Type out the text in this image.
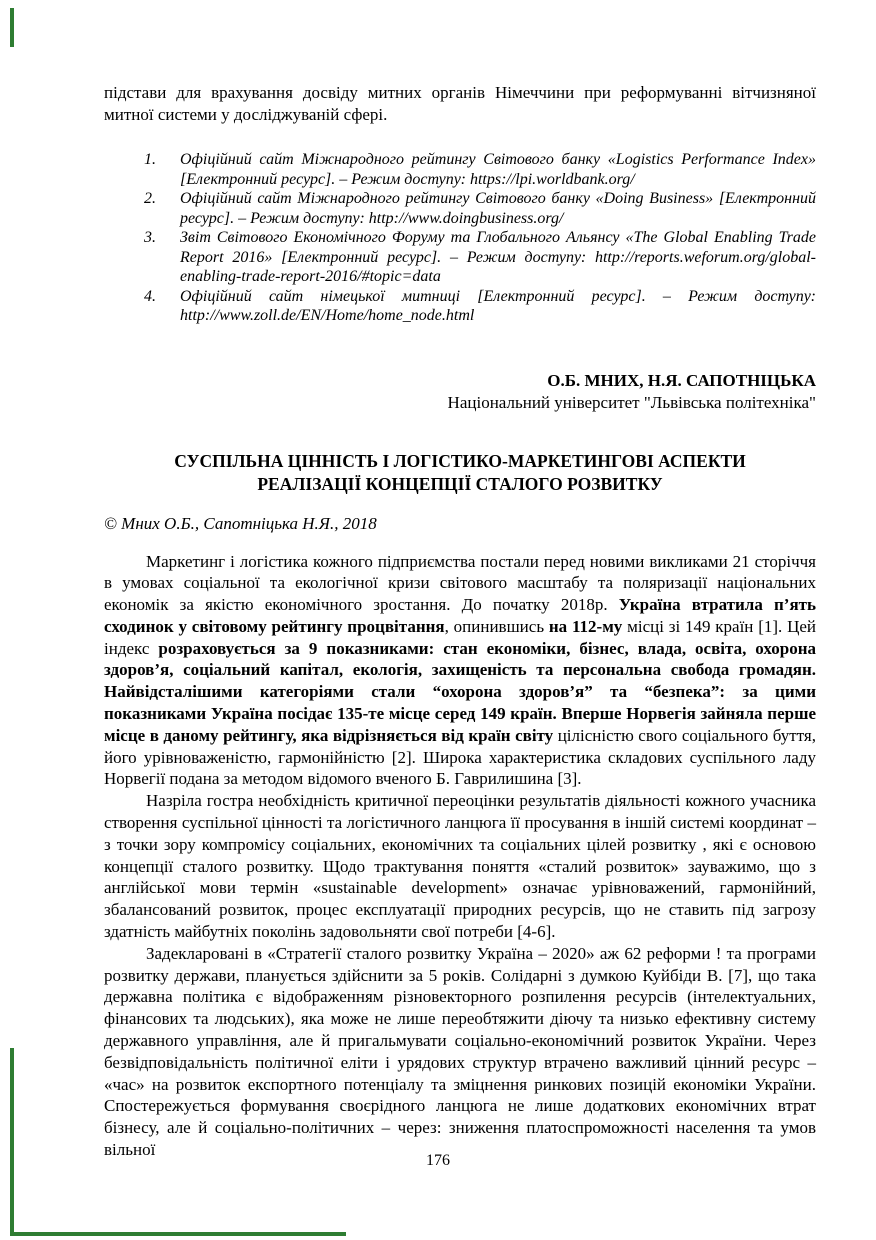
підстави для врахування досвіду митних органів Німеччини при реформуванні вітчизняної митної системи у досліджуваній сфері.

Офіційний сайт Міжнародного рейтингу Світового банку «Logistics Performance Index» [Електронний ресурс]. – Режим доступу: https://lpi.worldbank.org/
Офіційний сайт Міжнародного рейтингу Світового банку «Doing Business» [Електронний ресурс]. – Режим доступу: http://www.doingbusiness.org/
Звіт Світового Економічного Форуму та Глобального Альянсу «The Global Enabling Trade Report 2016» [Електронний ресурс]. – Режим доступу: http://reports.weforum.org/global-enabling-trade-report-2016/#topic=data
Офіційний сайт німецької митниці [Електронний ресурс]. – Режим доступу: http://www.zoll.de/EN/Home/home_node.html
О.Б. МНИХ, Н.Я. САПОТНІЦЬКА
Національний університет "Львівська політехніка"
СУСПІЛЬНА ЦІННІСТЬ І ЛОГІСТИКО-МАРКЕТИНГОВІ АСПЕКТИ
РЕАЛІЗАЦІЇ КОНЦЕПЦІЇ СТАЛОГО РОЗВИТКУ
© Мних О.Б., Сапотніцька Н.Я., 2018

Маркетинг і логістика кожного підприємства постали перед новими викликами 21 сторіччя в умовах соціальної та екологічної кризи світового масштабу та поляризації національних економік за якістю економічного зростання. До початку 2018р. Україна втратила п’ять сходинок у світовому рейтингу процвітання, опинившись на 112-му місці зі 149 країн [1]. Цей індекс розраховується за 9 показниками: стан економіки, бізнес, влада, освіта, охорона здоров’я, соціальний капітал, екологія, захищеність та персональна свобода громадян. Найвідсталішими категоріями стали “охорона здоров’я” та “безпека”: за цими показниками Україна посідає 135-те місце серед 149 країн. Вперше Норвегія зайняла перше місце в даному рейтингу, яка відрізняється від країн світу цілісністю свого соціального буття, його урівноваженістю, гармонійністю [2]. Широка характеристика складових суспільного ладу Норвегії подана за методом відомого вченого Б. Гаврилишина [3].

Назріла гостра необхідність критичної переоцінки результатів діяльності кожного учасника створення суспільної цінності та логістичного ланцюга її просування в іншій системі координат – з точки зору компромісу соціальних, економічних та соціальних цілей розвитку , які є основою концепції сталого розвитку. Щодо трактування поняття «сталий розвиток» зауважимо, що з англійської мови термін «sustainable development» означає урівноважений, гармонійний, збалансований розвиток, процес експлуатації природних ресурсів, що не ставить під загрозу здатність майбутніх поколінь задовольняти свої потреби [4-6].

Задекларовані в «Стратегії сталого розвитку Україна – 2020» аж 62 реформи ! та програми розвитку держави, планується здійснити за 5 років. Солідарні з думкою Куйбіди В. [7], що така державна політика є відображенням різновекторного розпилення ресурсів (інтелектуальних, фінансових та людських), яка може не лише переобтяжити діючу та низько ефективну систему державного управління, але й пригальмувати соціально-економічний розвиток України. Через безвідповідальність політичної еліти і урядових структур втрачено важливий цінний ресурс – «час» на розвиток експортного потенціалу та зміцнення ринкових позицій економіки України. Спостережується формування своєрідного ланцюга не лише додаткових економічних втрат бізнесу, але й соціально-політичних – через: зниження платоспроможності населення та умов вільної

176
